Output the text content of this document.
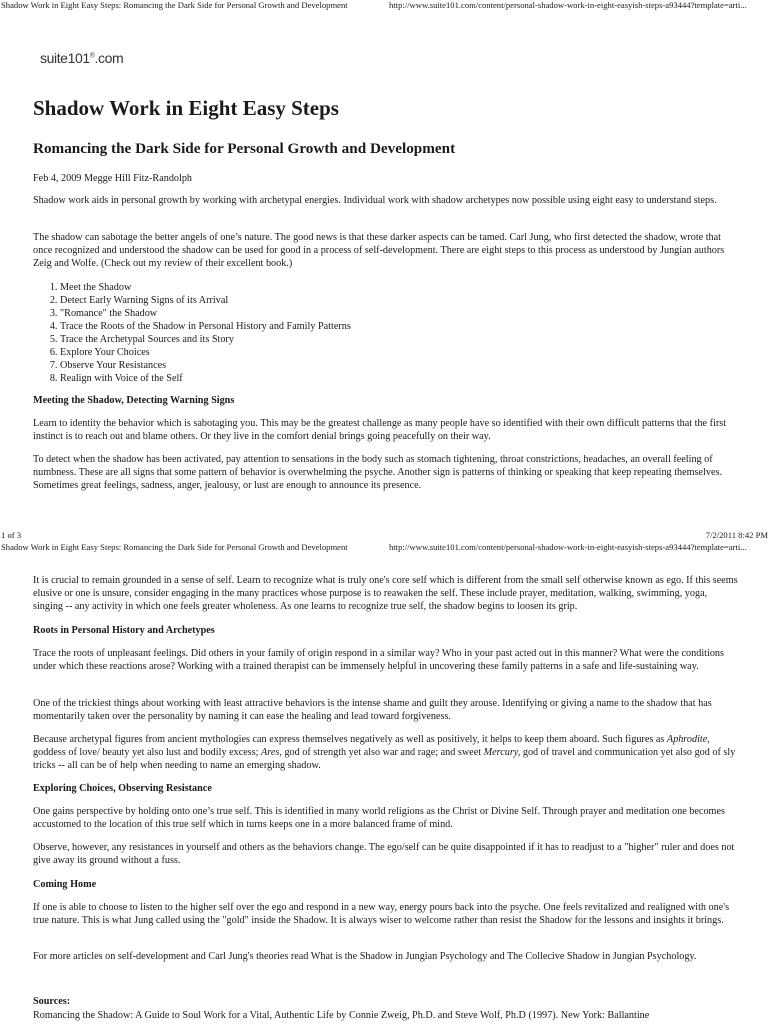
Shadow Work in Eight Easy Steps: Romancing the Dark Side for Personal Growth and Development	http://www.suite101.com/content/personal-shadow-work-in-eight-easyish-steps-a93444?template=arti...
suite101®.com
Shadow Work in Eight Easy Steps
Romancing the Dark Side for Personal Growth and Development

Feb 4, 2009 Megge Hill Fitz-Randolph

Shadow work aids in personal growth by working with archetypal energies. Individual work with shadow archetypes now possible using eight easy to understand steps.

The shadow can sabotage the better angels of one’s nature. The good news is that these darker aspects can be tamed. Carl Jung, who first detected the shadow, wrote that once recognized and understood the shadow can be used for good in a process of self-development. There are eight steps to this process as understood by Jungian authors Zeig and Wolfe. (Check out my review of their excellent book.)

1. Meet the Shadow
2. Detect Early Warning Signs of its Arrival
3. "Romance" the Shadow
4. Trace the Roots of the Shadow in Personal History and Family Patterns
5. Trace the Archetypal Sources and its Story
6. Explore Your Choices
7. Observe Your Resistances
8. Realign with Voice of the Self

Meeting the Shadow, Detecting Warning Signs

Learn to identity the behavior which is sabotaging you. This may be the greatest challenge as many people have so identified with their own difficult patterns that the first instinct is to reach out and blame others. Or they live in the comfort denial brings going peacefully on their way.

To detect when the shadow has been activated, pay attention to sensations in the body such as stomach tightening, throat constrictions, headaches, an overall feeling of numbness. These are all signs that some pattern of behavior is overwhelming the psyche. Another sign is patterns of thinking or speaking that keep repeating themselves. Sometimes great feelings, sadness, anger, jealousy, or lust are enough to announce its presence.

1 of 3	7/2/2011 8:42 PM
Shadow Work in Eight Easy Steps: Romancing the Dark Side for Personal Growth and Development	http://www.suite101.com/content/personal-shadow-work-in-eight-easyish-steps-a93444?template=arti...

It is crucial to remain grounded in a sense of self. Learn to recognize what is truly one's core self which is different from the small self otherwise known as ego. If this seems elusive or one is unsure, consider engaging in the many practices whose purpose is to reawaken the self. These include prayer, meditation, walking, swimming, yoga, singing -- any activity in which one feels greater wholeness. As one learns to recognize true self, the shadow begins to loosen its grip.

Roots in Personal History and Archetypes

Trace the roots of unpleasant feelings. Did others in your family of origin respond in a similar way? Who in your past acted out in this manner? What were the conditions under which these reactions arose? Working with a trained therapist can be immensely helpful in uncovering these family patterns in a safe and life-sustaining way.

One of the trickiest things about working with least attractive behaviors is the intense shame and guilt they arouse. Identifying or giving a name to the shadow that has momentarily taken over the personality by naming it can ease the healing and lead toward forgiveness.

Because archetypal figures from ancient mythologies can express themselves negatively as well as positively, it helps to keep them aboard. Such figures as Aphrodite, goddess of love/ beauty yet also lust and bodily excess; Ares, god of strength yet also war and rage; and sweet Mercury, god of travel and communication yet also god of sly tricks -- all can be of help when needing to name an emerging shadow.

Exploring Choices, Observing Resistance

One gains perspective by holding onto one’s true self. This is identified in many world religions as the Christ or Divine Self. Through prayer and meditation one becomes accustomed to the location of this true self which in turns keeps one in a more balanced frame of mind.

Observe, however, any resistances in yourself and others as the behaviors change. The ego/self can be quite disappointed if it has to readjust to a "higher" ruler and does not give away its ground without a fuss.

Coming Home

If one is able to choose to listen to the higher self over the ego and respond in a new way, energy pours back into the psyche. One feels revitalized and realigned with one's true nature. This is what Jung called using the "gold" inside the Shadow. It is always wiser to welcome rather than resist the Shadow for the lessons and insights it brings.

For more articles on self-development and Carl Jung's theories read What is the Shadow in Jungian Psychology and The Collecive Shadow in Jungian Psychology.

Sources:

Romancing the Shadow: A Guide to Soul Work for a Vital, Authentic Life by Connie Zweig, Ph.D. and Steve Wolf, Ph.D (1997). New York: Ballantine
